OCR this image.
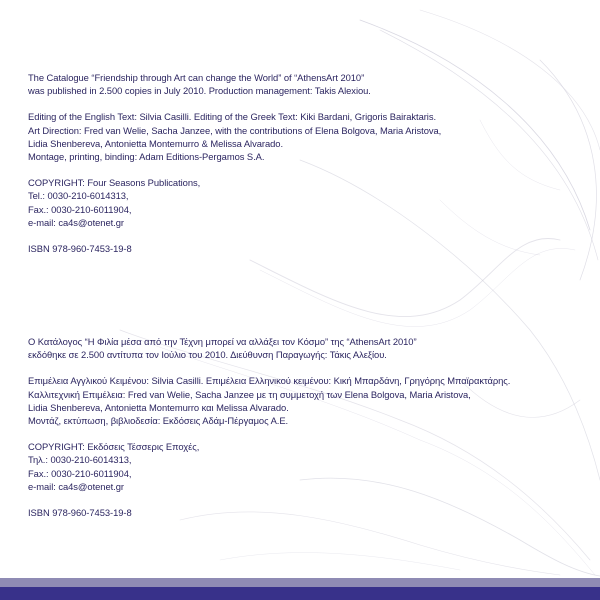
The Catalogue “Friendship through Art can change the World” of “AthensArt 2010”
was published in 2.500 copies in July 2010. Production management: Takis Alexiou.
Editing of the English Text: Silvia Casilli. Editing of the Greek Text: Kiki Bardani, Grigoris Bairaktaris.
Art Direction: Fred van Welie, Sacha Janzee, with the contributions of Elena Bolgova, Maria Aristova,
Lidia Shenbereva, Antonietta Montemurro & Melissa Alvarado.
Montage, printing, binding: Adam Editions-Pergamos S.A.
COPYRIGHT: Four Seasons Publications,
Tel.: 0030-210-6014313,
Fax.: 0030-210-6011904,
e-mail: ca4s@otenet.gr
ISBN 978-960-7453-19-8
Ο Κατάλογος “Η Φιλία μέσα από την Τέχνη μπορεί να αλλάξει τον Κόσμο” της “AthensArt 2010”
εκδόθηκε σε 2.500 αντίτυπα τον Ιούλιο του 2010. Διεύθυνση Παραγωγής: Τάκις Αλεξίου.
Επιμέλεια Αγγλικού Κειμένου: Silvia Casilli. Επιμέλεια Ελληνικού κειμένου: Κική Μπαρδάνη, Γρηγόρης Μπαϊρακτάρης.
Καλλιτεχνική Επιμέλεια: Fred van Welie, Sacha Janzee με τη συμμετοχή των Elena Bolgova, Maria Aristova,
Lidia Shenbereva, Antonietta Montemurro και Melissa Alvarado.
Μοντάζ, εκτύπωση, βιβλιοδεσία: Εκδόσεις Αδάμ-Πέργαμος Α.Ε.
COPYRIGHT: Εκδόσεις Τέσσερις Εποχές,
Τηλ.: 0030-210-6014313,
Fax.: 0030-210-6011904,
e-mail: ca4s@otenet.gr
ISBN 978-960-7453-19-8
